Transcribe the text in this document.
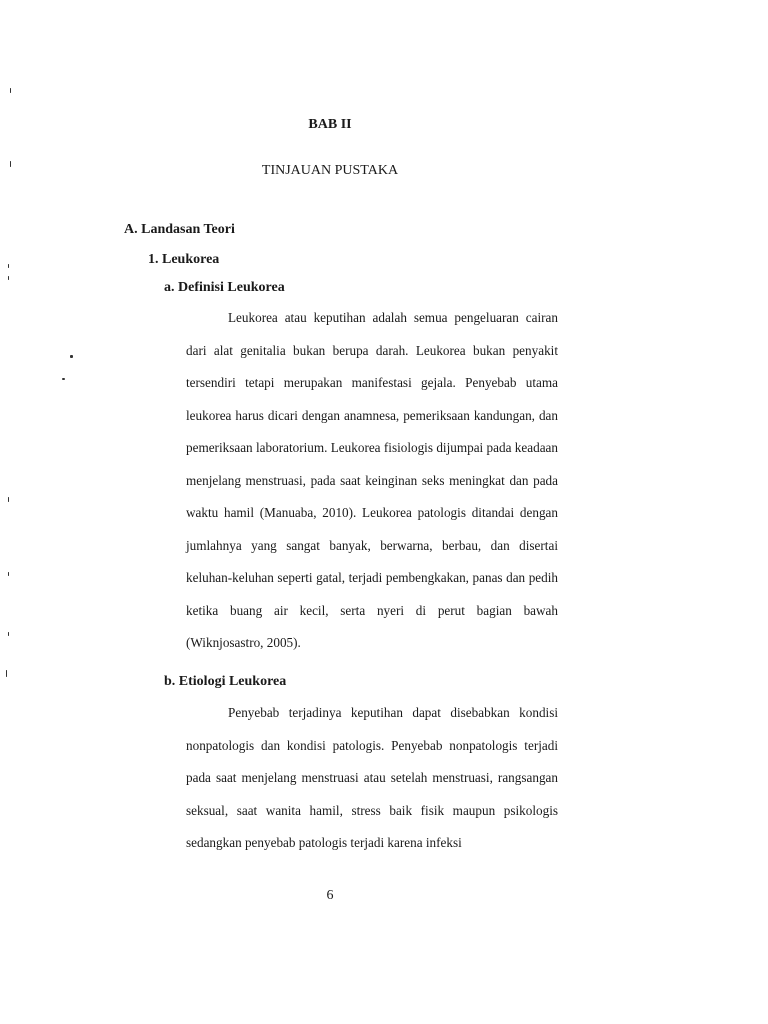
BAB II
TINJAUAN PUSTAKA
A. Landasan Teori
1. Leukorea
a. Definisi Leukorea

Leukorea atau keputihan adalah semua pengeluaran cairan dari alat genitalia bukan berupa darah. Leukorea bukan penyakit tersendiri tetapi merupakan manifestasi gejala. Penyebab utama leukorea harus dicari dengan anamnesa, pemeriksaan kandungan, dan pemeriksaan laboratorium. Leukorea fisiologis dijumpai pada keadaan menjelang menstruasi, pada saat keinginan seks meningkat dan pada waktu hamil (Manuaba, 2010). Leukorea patologis ditandai dengan jumlahnya yang sangat banyak, berwarna, berbau, dan disertai keluhan-keluhan seperti gatal, terjadi pembengkakan, panas dan pedih ketika buang air kecil, serta nyeri di perut bagian bawah (Wiknjosastro, 2005).

b. Etiologi Leukorea

Penyebab terjadinya keputihan dapat disebabkan kondisi nonpatologis dan kondisi patologis. Penyebab nonpatologis terjadi pada saat menjelang menstruasi atau setelah menstruasi, rangsangan seksual, saat wanita hamil, stress baik fisik maupun psikologis sedangkan penyebab patologis terjadi karena infeksi

6
